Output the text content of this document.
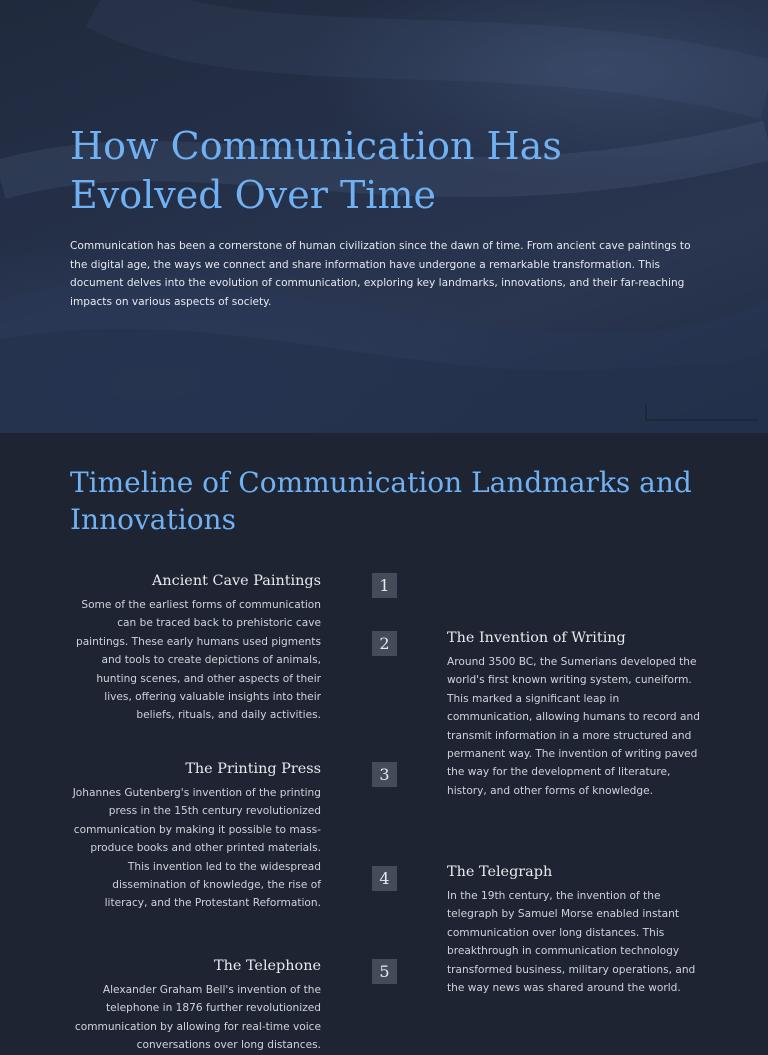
How Communication Has Evolved Over Time

Communication has been a cornerstone of human civilization since the dawn of time. From ancient cave paintings to the digital age, the ways we connect and share information have undergone a remarkable transformation. This document delves into the evolution of communication, exploring key landmarks, innovations, and their far-reaching impacts on various aspects of society.

Timeline of Communication Landmarks and Innovations
1
Ancient Cave Paintings

Some of the earliest forms of communication can be traced back to prehistoric cave paintings. These early humans used pigments and tools to create depictions of animals, hunting scenes, and other aspects of their lives, offering valuable insights into their beliefs, rituals, and daily activities.

2	The Invention of Writing

Around 3500 BC, the Sumerians developed the world's first known writing system, cuneiform. This marked a significant leap in communication, allowing humans to record and transmit information in a more structured and permanent way. The invention of writing paved the way for the development of literature, history, and other forms of knowledge.

3
The Printing Press

Johannes Gutenberg's invention of the printing press in the 15th century revolutionized communication by making it possible to mass-produce books and other printed materials. This invention led to the widespread dissemination of knowledge, the rise of literacy, and the Protestant Reformation.

4	The Telegraph

In the 19th century, the invention of the telegraph by Samuel Morse enabled instant communication over long distances. This breakthrough in communication technology transformed business, military operations, and the way news was shared around the world.

5
The Telephone

Alexander Graham Bell's invention of the telephone in 1876 further revolutionized communication by allowing for real-time voice conversations over long distances.
